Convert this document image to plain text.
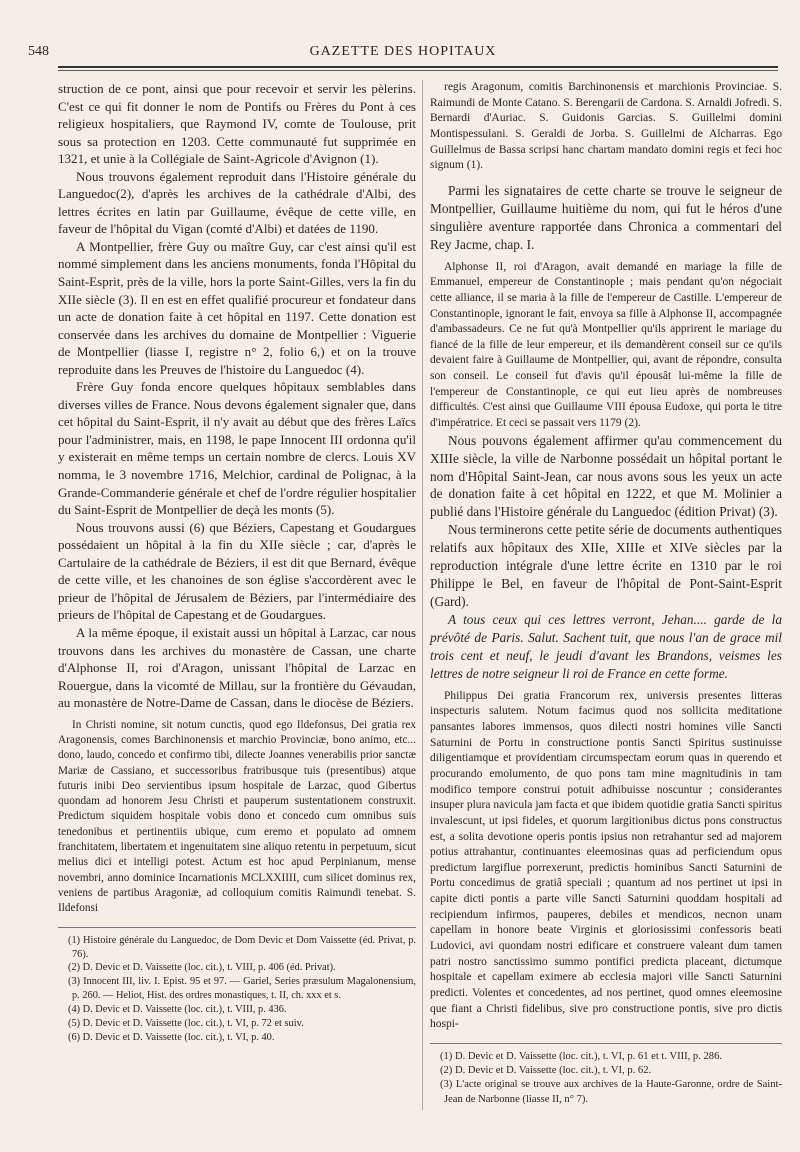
548	GAZETTE DES HOPITAUX

struction de ce pont, ainsi que pour recevoir et servir les pèlerins. C'est ce qui fit donner le nom de Pontifs ou Frères du Pont à ces religieux hospitaliers, que Raymond IV, comte de Toulouse, prit sous sa protection en 1203. Cette communauté fut supprimée en 1321, et unie à la Collégiale de Saint-Agricole d'Avignon (1).

Nous trouvons également reproduit dans l'Histoire générale du Languedoc(2), d'après les archives de la cathédrale d'Albi, des lettres écrites en latin par Guillaume, évêque de cette ville, en faveur de l'hôpital du Vigan (comté d'Albi) et datées de 1190.

A Montpellier, frère Guy ou maître Guy, car c'est ainsi qu'il est nommé simplement dans les anciens monuments, fonda l'Hôpital du Saint-Esprit, près de la ville, hors la porte Saint-Gilles, vers la fin du XIIe siècle (3). Il en est en effet qualifié procureur et fondateur dans un acte de donation faite à cet hôpital en 1197. Cette donation est conservée dans les archives du domaine de Montpellier : Viguerie de Montpellier (liasse I, registre n° 2, folio 6,) et on la trouve reproduite dans les Preuves de l'histoire du Languedoc (4).

Frère Guy fonda encore quelques hôpitaux semblables dans diverses villes de France. Nous devons également signaler que, dans cet hôpital du Saint-Esprit, il n'y avait au début que des frères Laïcs pour l'administrer, mais, en 1198, le pape Innocent III ordonna qu'il y existerait en même temps un certain nombre de clercs. Louis XV nomma, le 3 novembre 1716, Melchior, cardinal de Polignac, à la Grande-Commanderie générale et chef de l'ordre régulier hospitalier du Saint-Esprit de Montpellier de deçà les monts (5).

Nous trouvons aussi (6) que Béziers, Capestang et Goudargues possédaient un hôpital à la fin du XIIe siècle ; car, d'après le Cartulaire de la cathédrale de Béziers, il est dit que Bernard, évêque de cette ville, et les chanoines de son église s'accordèrent avec le prieur de l'hôpital de Jérusalem de Béziers, par l'intermédiaire des prieurs de l'hôpital de Capestang et de Goudargues.

A la même époque, il existait aussi un hôpital à Larzac, car nous trouvons dans les archives du monastère de Cassan, une charte d'Alphonse II, roi d'Aragon, unissant l'hôpital de Larzac en Rouergue, dans la vicomté de Millau, sur la frontière du Gévaudan, au monastère de Notre-Dame de Cassan, dans le diocèse de Béziers.

In Christi nomine, sit notum cunctis, quod ego Ildefonsus, Dei gratia rex Aragonensis, comes Barchinonensis et marchio Provinciæ, bono animo, etc... dono, laudo, concedo et confirmo tibi, dilecte Joannes venerabilis prior sanctæ Mariæ de Cassiano, et successoribus fratribusque tuis (presentibus) atque futuris inibi Deo servientibus ipsum hospitale de Larzac, quod Gibertus quondam ad honorem Jesu Christi et pauperum sustentationem construxit. Predictum siquidem hospitale vobis dono et concedo cum omnibus suis tenedonibus et pertinentiis ubique, cum eremo et populato ad omnem franchitatem, libertatem et ingenuitatem sine aliquo retentu in perpetuum, sicut melius dici et intelligi potest. Actum est hoc apud Perpinianum, mense novembri, anno dominice Incarnationis MCLXXIIII, cum silicet dominus rex, veniens de partibus Aragoniæ, ad colloquium comitis Raimundi tenebat. S. Ildefonsi

(1) Histoire générale du Languedoc, de Dom Devic et Dom Vaissette (éd. Privat, p. 76).
(2) D. Devic et D. Vaissette (loc. cit.), t. VIII, p. 406 (éd. Privat).
(3) Innocent III, liv. I. Epist. 95 et 97. — Gariel, Series præsulum Magalonensium, p. 260. — Heliot, Hist. des ordres monastiques, t. II, ch. xxx et s.
(4) D. Devic et D. Vaissette (loc. cit.), t. VIII, p. 436.
(5) D. Devic et D. Vaissette (loc. cit.), t. VI, p. 72 et suiv.
(6) D. Devic et D. Vaissette (loc. cit.), t. VI, p. 40.

regis Aragonum, comitis Barchinonensis et marchionis Provinciae. S. Raimundi de Monte Catano. S. Berengarii de Cardona. S. Arnaldi Jofredi. S. Bernardi d'Auriac. S. Guidonis Garcias. S. Guillelmi domini Montispessulani. S. Geraldi de Jorba. S. Guillelmi de Alcharras. Ego Guillelmus de Bassa scripsi hanc chartam mandato domini regis et feci hoc signum (1).

Parmi les signataires de cette charte se trouve le seigneur de Montpellier, Guillaume huitième du nom, qui fut le héros d'une singulière aventure rapportée dans Chronica a commentari del Rey Jacme, chap. I.

Alphonse II, roi d'Aragon, avait demandé en mariage la fille de Emmanuel, empereur de Constantinople ; mais pendant qu'on négociait cette alliance, il se maria à la fille de l'empereur de Castille. L'empereur de Constantinople, ignorant le fait, envoya sa fille à Alphonse II, accompagnée d'ambassadeurs. Ce ne fut qu'à Montpellier qu'ils apprirent le mariage du fiancé de la fille de leur empereur, et ils demandèrent conseil sur ce qu'ils devaient faire à Guillaume de Montpellier, qui, avant de répondre, consulta son conseil. Le conseil fut d'avis qu'il épousât lui-même la fille de l'empereur de Constantinople, ce qui eut lieu après de nombreuses difficultés. C'est ainsi que Guillaume VIII épousa Eudoxe, qui porta le titre d'impératrice. Et ceci se passait vers 1179 (2).

Nous pouvons également affirmer qu'au commencement du XIIIe siècle, la ville de Narbonne possédait un hôpital portant le nom d'Hôpital Saint-Jean, car nous avons sous les yeux un acte de donation faite à cet hôpital en 1222, et que M. Molinier a publié dans l'Histoire générale du Languedoc (édition Privat) (3).

Nous terminerons cette petite série de documents authentiques relatifs aux hôpitaux des XIIe, XIIIe et XIVe siècles par la reproduction intégrale d'une lettre écrite en 1310 par le roi Philippe le Bel, en faveur de l'hôpital de Pont-Saint-Esprit (Gard).

A tous ceux qui ces lettres verront, Jehan.... garde de la prévôté de Paris. Salut. Sachent tuit, que nous l'an de grace mil trois cent et neuf, le jeudi d'avant les Brandons, veismes les lettres de notre seigneur li roi de France en cette forme.

Philippus Dei gratia Francorum rex, universis presentes litteras inspecturis salutem. Notum facimus quod nos sollicita meditatione pansantes labores immensos, quos dilecti nostri homines ville Sancti Saturnini de Portu in constructione pontis Sancti Spiritus sustinuisse diligentiamque et providentiam circumspectam eorum quas in querendo et procurando emolumento, de quo pons tam mine magnitudinis in tam modifico tempore construi potuit adhibuisse noscuntur ; considerantes insuper plura navicula jam facta et que ibidem quotidie gratia Sancti spiritus invalescunt, ut ipsi fideles, et quorum largitionibus dictus pons constructus est, a solita devotione operis pontis ipsius non retrahantur sed ad majorem potius attrahantur, continuantes eleemosinas quas ad perficiendum opus predictum largiflue porrexerunt, predictis hominibus Sancti Saturnini de Portu concedimus de gratiâ speciali ; quantum ad nos pertinet ut ipsi in capite dicti pontis a parte ville Sancti Saturnini quoddam hospitali ad recipiendum infirmos, pauperes, debiles et mendicos, necnon unam capellam in honore beate Virginis et gloriosissimi confessoris beati Ludovici, avi quondam nostri edificare et construere valeant dum tamen patri nostro sanctissimo summo pontifici predicta placeant, dictumque hospitale et capellam eximere ab ecclesia majori ville Sancti Saturnini predicti. Volentes et concedentes, ad nos pertinet, quod omnes eleemosine que fiant a Christi fidelibus, sive pro constructione pontis, sive pro dictis hospi-

(1) D. Devic et D. Vaissette (loc. cit.), t. VI, p. 61 et t. VIII, p. 286.
(2) D. Devic et D. Vaissette (loc. cit.), t. VI, p. 62.
(3) L'acte original se trouve aux archives de la Haute-Garonne, ordre de Saint-Jean de Narbonne (liasse II, n° 7).
